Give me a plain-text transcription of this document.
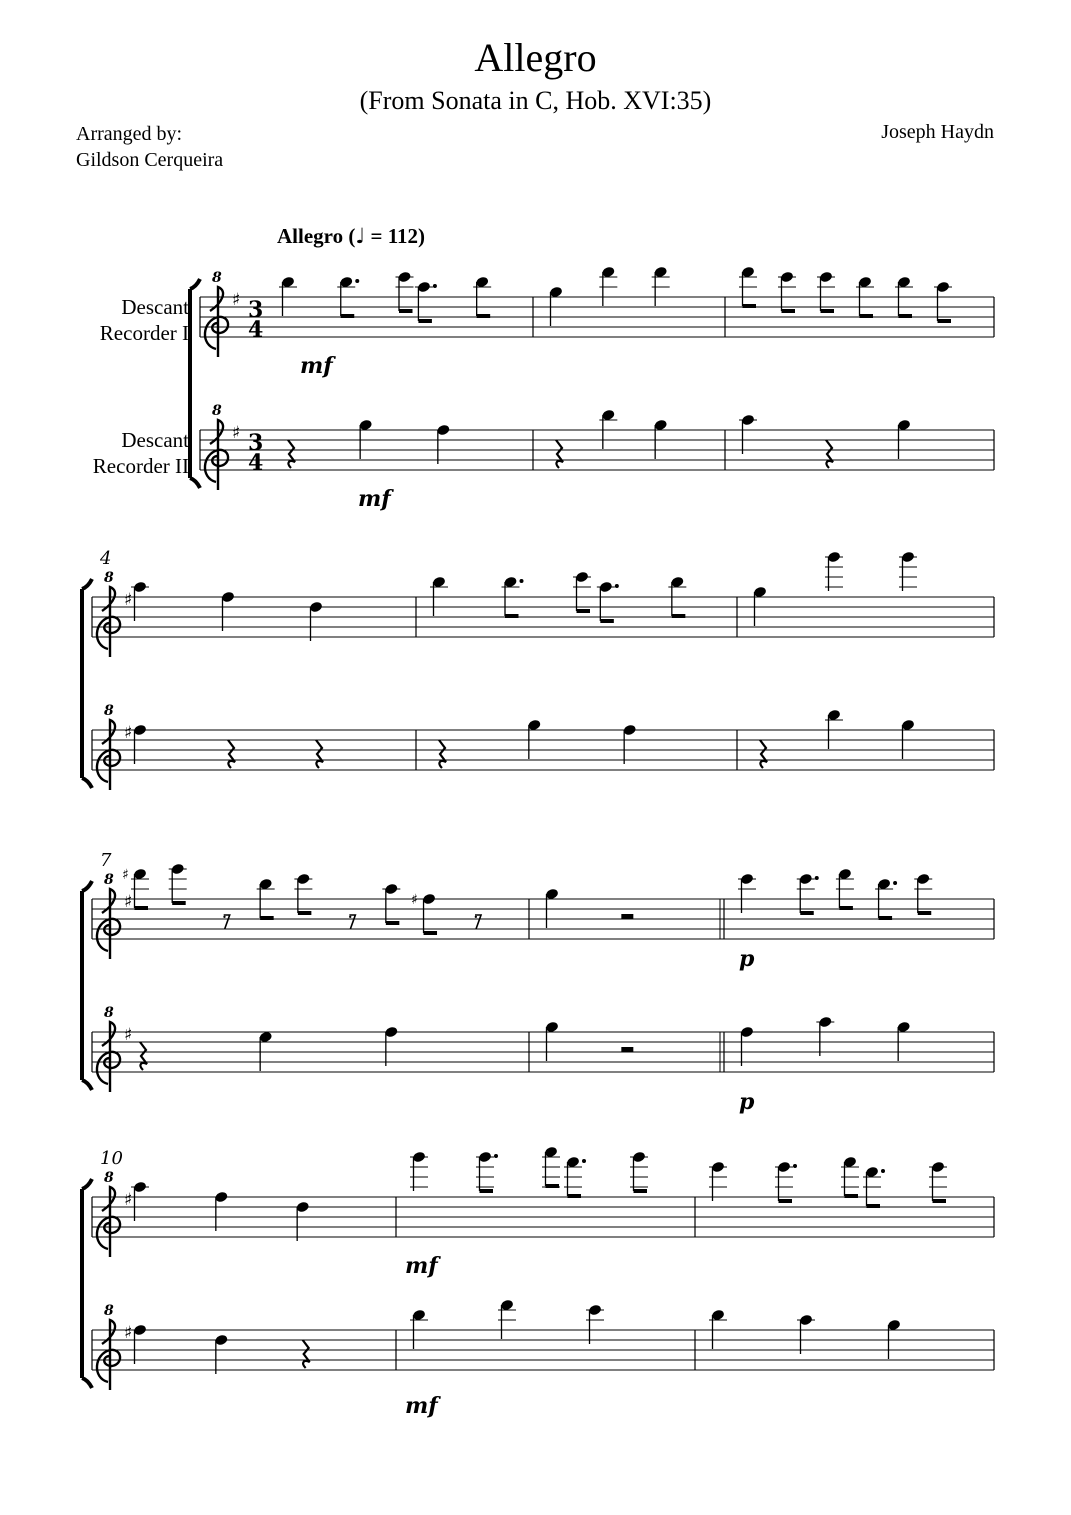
Allegro
(From Sonata in C, Hob. XVI:35)
Arranged by:
Gildson Cerqueira
Joseph Haydn
Allegro (♩ = 112)
Descant
Recorder I
Descant
Recorder II
8
♯ 3
4
8
♯ 3
4
4
8
♯
8
♯
7
8
♯
8
♯
♯
·	·
♯
·
10
8
♯
8
♯
mf
mf
p
p
mf
mf
